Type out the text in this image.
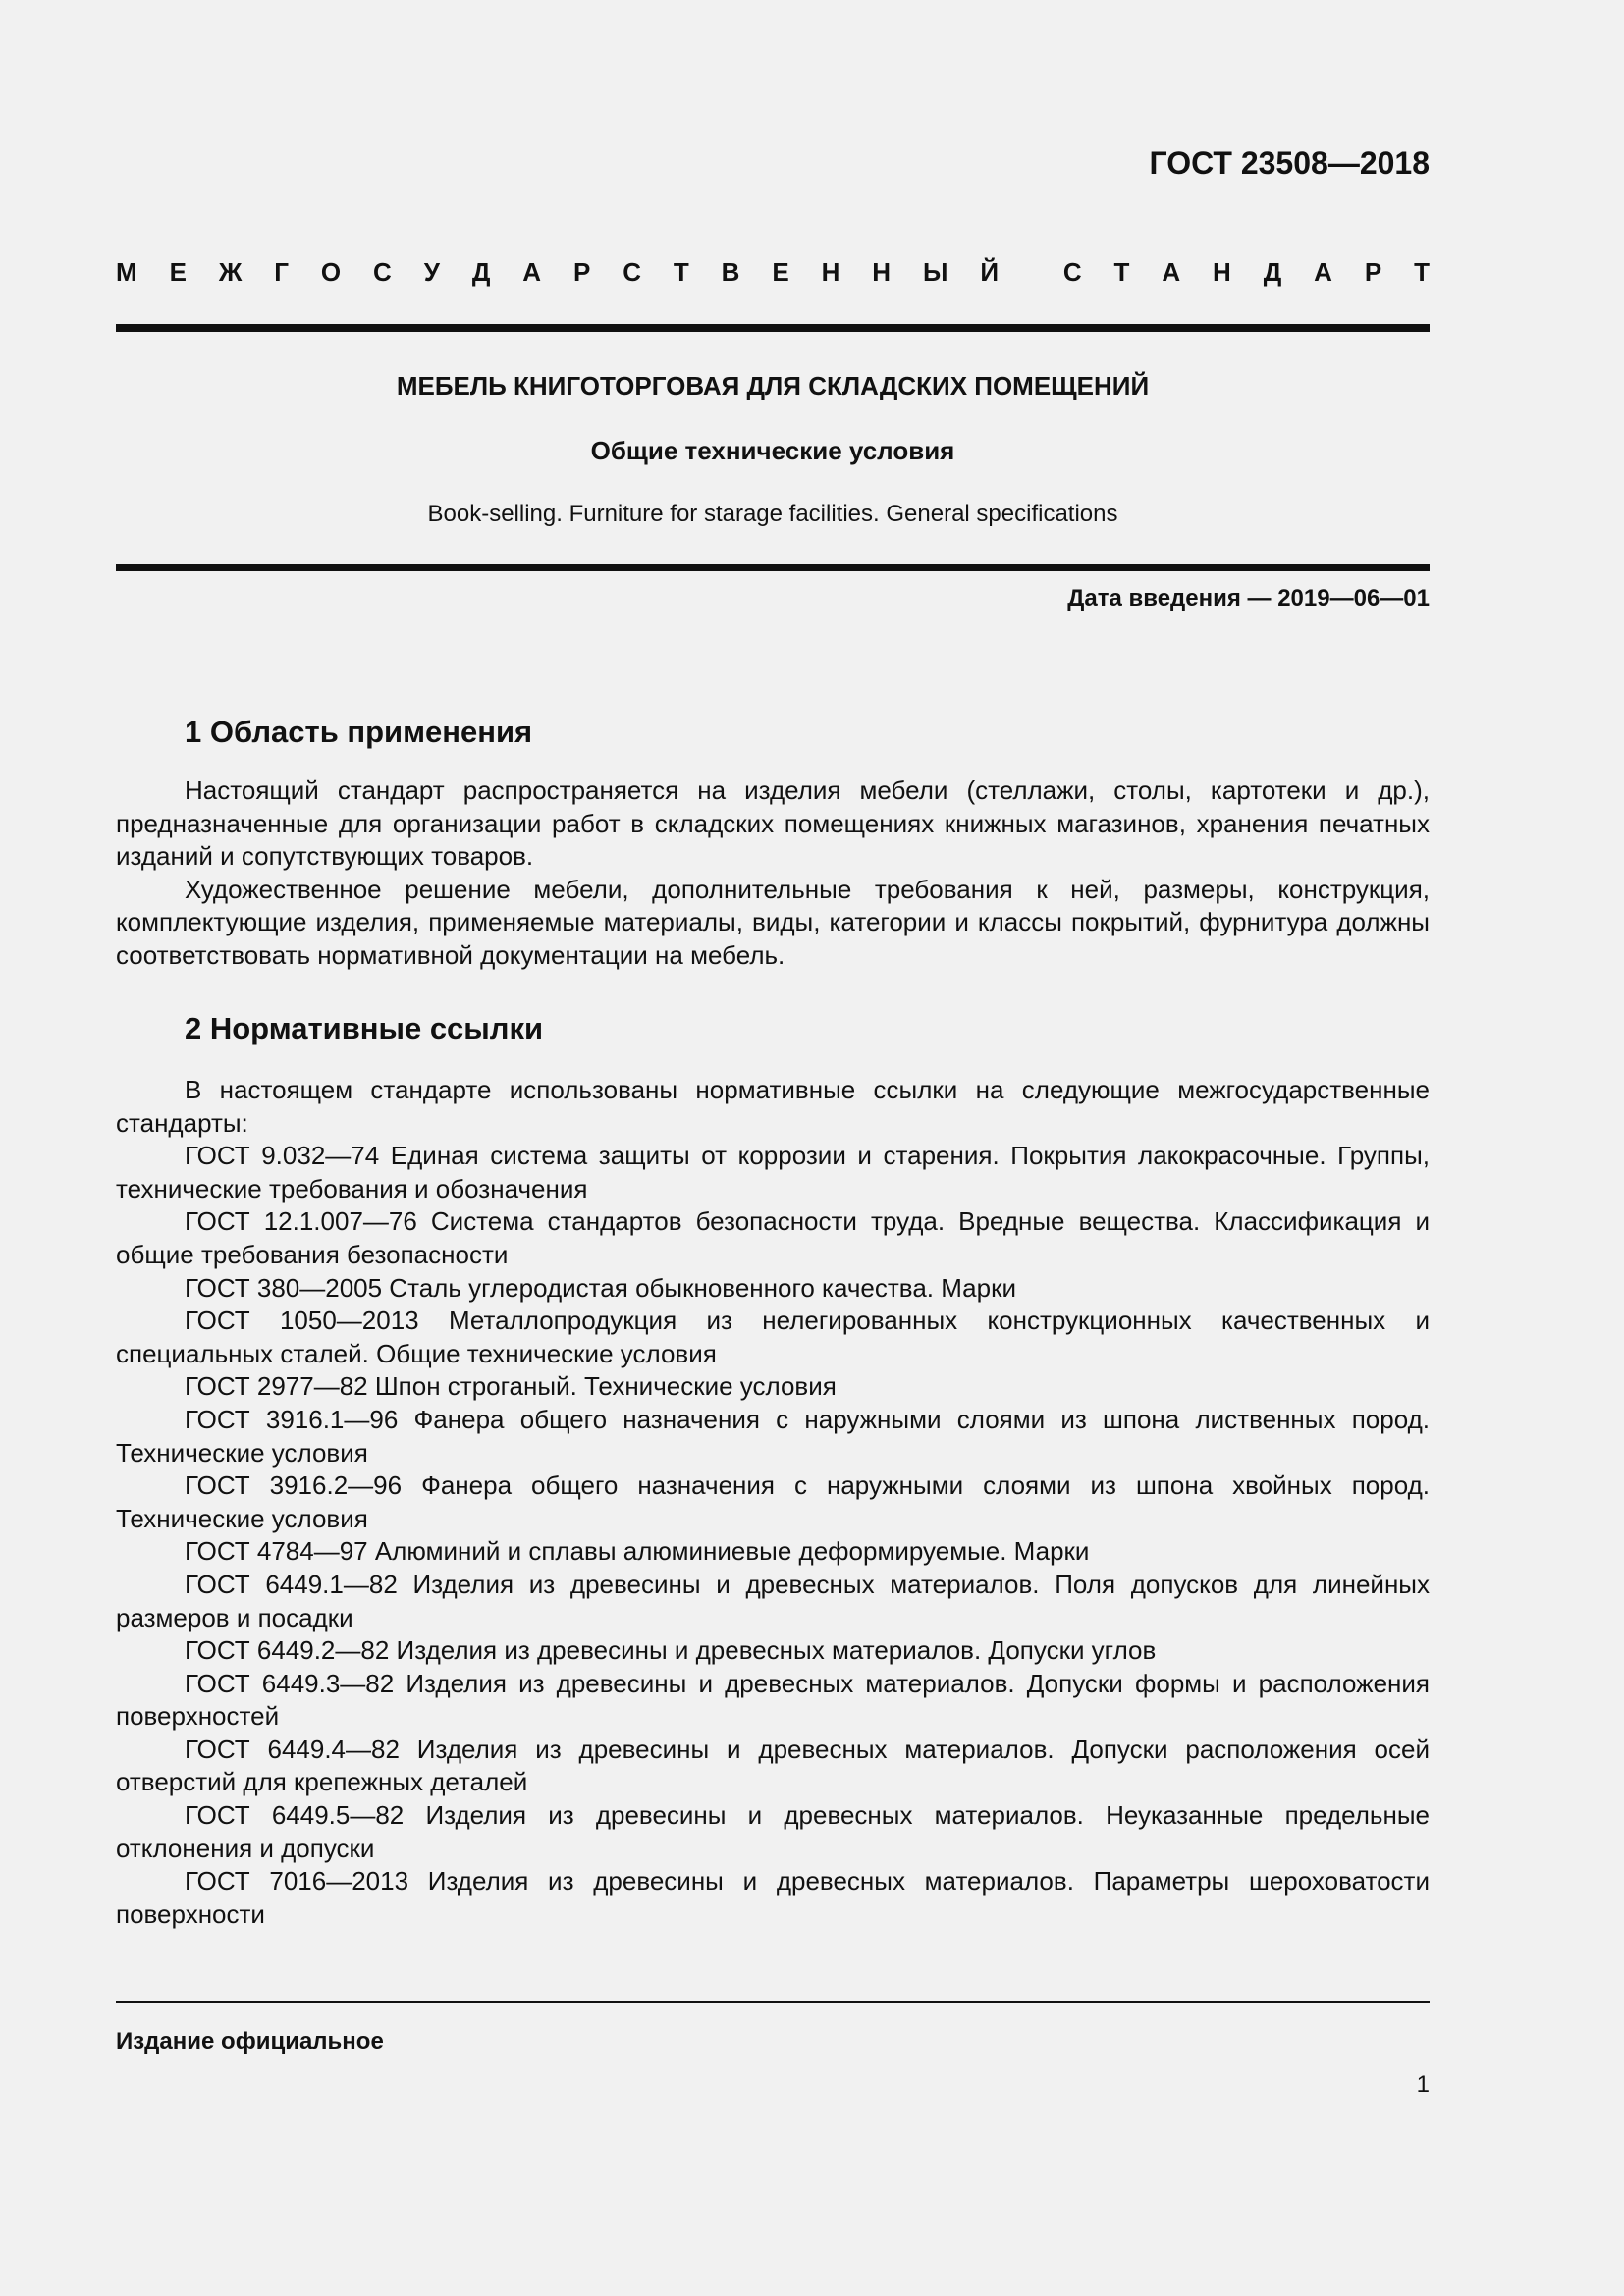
ГОСТ 23508—2018
М Е Ж Г О С У Д А Р С Т В Е Н Н Ы Й	С Т А Н Д А Р Т
МЕБЕЛЬ КНИГОТОРГОВАЯ ДЛЯ СКЛАДСКИХ ПОМЕЩЕНИЙ
Общие технические условия
Book-selling. Furniture for starage facilities. General specifications
Дата введения — 2019—06—01
1 Область применения

Настоящий стандарт распространяется на изделия мебели (стеллажи, столы, картотеки и др.), предназначенные для организации работ в складских помещениях книжных магазинов, хранения печатных изданий и сопутствующих товаров.

Художественное решение мебели, дополнительные требования к ней, размеры, конструкция, комплектующие изделия, применяемые материалы, виды, категории и классы покрытий, фурнитура должны соответствовать нормативной документации на мебель.

2 Нормативные ссылки

В настоящем стандарте использованы нормативные ссылки на следующие межгосударственные стандарты:

ГОСТ 9.032—74 Единая система защиты от коррозии и старения. Покрытия лакокрасочные. Группы, технические требования и обозначения

ГОСТ 12.1.007—76 Система стандартов безопасности труда. Вредные вещества. Классификация и общие требования безопасности

ГОСТ 380—2005 Сталь углеродистая обыкновенного качества. Марки

ГОСТ 1050—2013 Металлопродукция из нелегированных конструкционных качественных и специальных сталей. Общие технические условия

ГОСТ 2977—82 Шпон строганый. Технические условия

ГОСТ 3916.1—96 Фанера общего назначения с наружными слоями из шпона лиственных пород. Технические условия

ГОСТ 3916.2—96 Фанера общего назначения с наружными слоями из шпона хвойных пород. Технические условия

ГОСТ 4784—97 Алюминий и сплавы алюминиевые деформируемые. Марки

ГОСТ 6449.1—82 Изделия из древесины и древесных материалов. Поля допусков для линейных размеров и посадки

ГОСТ 6449.2—82 Изделия из древесины и древесных материалов. Допуски углов

ГОСТ 6449.3—82 Изделия из древесины и древесных материалов. Допуски формы и расположения поверхностей

ГОСТ 6449.4—82 Изделия из древесины и древесных материалов. Допуски расположения осей отверстий для крепежных деталей

ГОСТ 6449.5—82 Изделия из древесины и древесных материалов. Неуказанные предельные отклонения и допуски

ГОСТ 7016—2013 Изделия из древесины и древесных материалов. Параметры шероховатости поверхности

Издание официальное
1
